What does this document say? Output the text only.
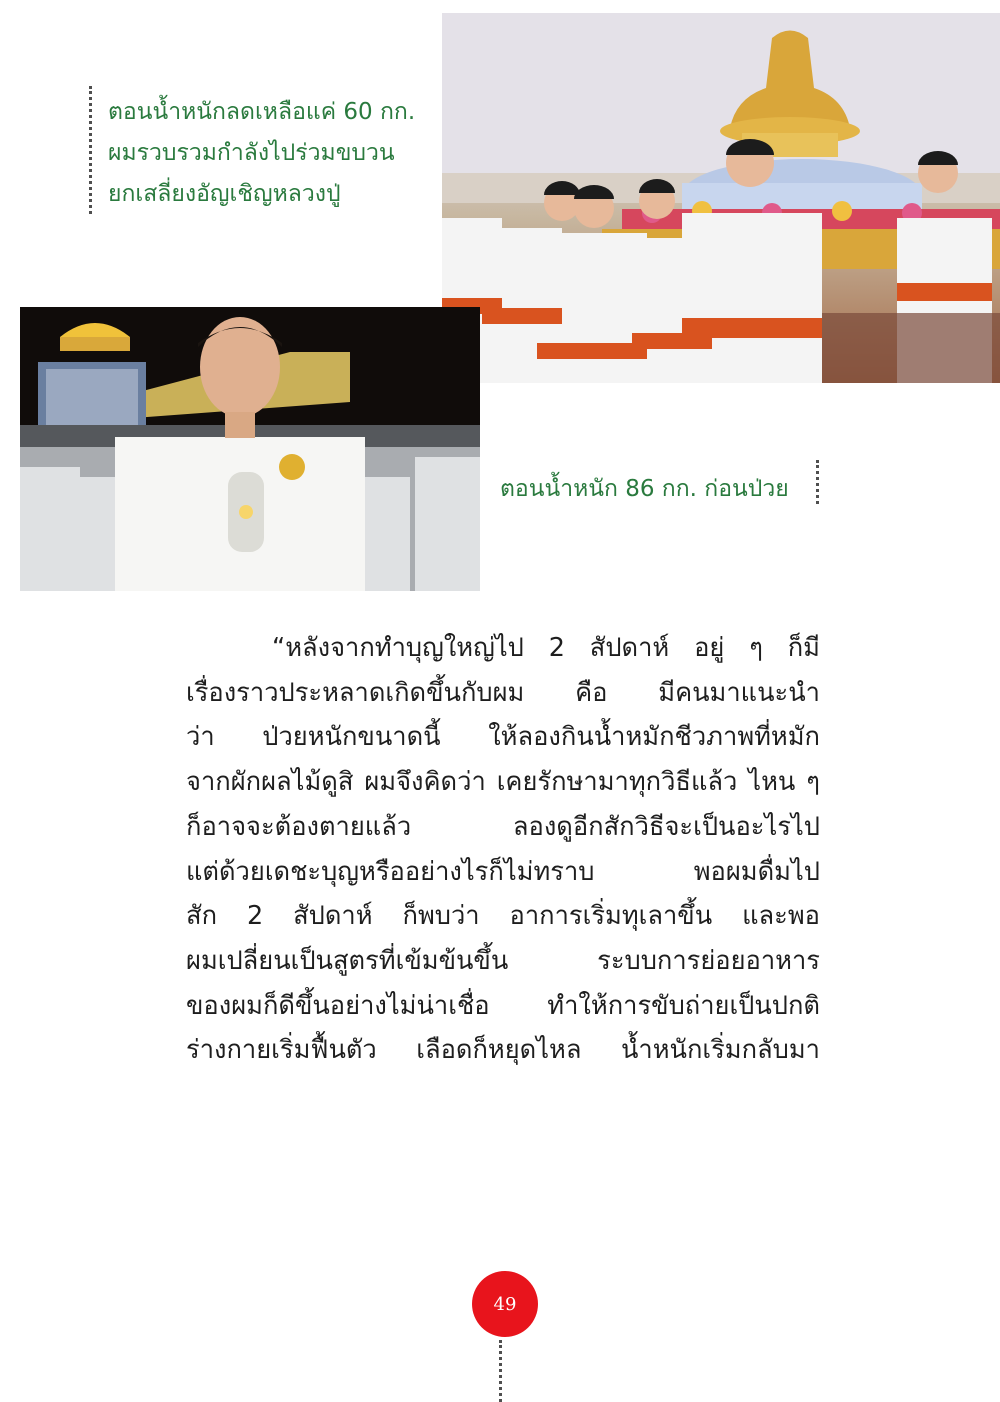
ตอนน้ำหนักลดเหลือแค่ 60 กก.
ผมรวบรวมกำลังไปร่วมขบวน
ยกเสลี่ยงอัญเชิญหลวงปู่
ตอนน้ำหนัก 86 กก. ก่อนป่วย

“หลังจากทำบุญใหญ่ไป 2 สัปดาห์ อยู่ ๆ ก็มี
เรื่องราวประหลาดเกิดขึ้นกับผม คือ มีคนมาแนะนำ
ว่า ป่วยหนักขนาดนี้ ให้ลองกินน้ำหมักชีวภาพที่หมัก
จากผักผลไม้ดูสิ ผมจึงคิดว่า เคยรักษามาทุกวิธีแล้ว ไหน ๆ
ก็อาจจะต้องตายแล้ว ลองดูอีกสักวิธีจะเป็นอะไรไป
แต่ด้วยเดชะบุญหรืออย่างไรก็ไม่ทราบ พอผมดื่มไป
สัก 2 สัปดาห์ ก็พบว่า อาการเริ่มทุเลาขึ้น และพอ
ผมเปลี่ยนเป็นสูตรที่เข้มข้นขึ้น ระบบการย่อยอาหาร
ของผมก็ดีขึ้นอย่างไม่น่าเชื่อ ทำให้การขับถ่ายเป็นปกติ
ร่างกายเริ่มฟื้นตัว เลือดก็หยุดไหล น้ำหนักเริ่มกลับมา

49
